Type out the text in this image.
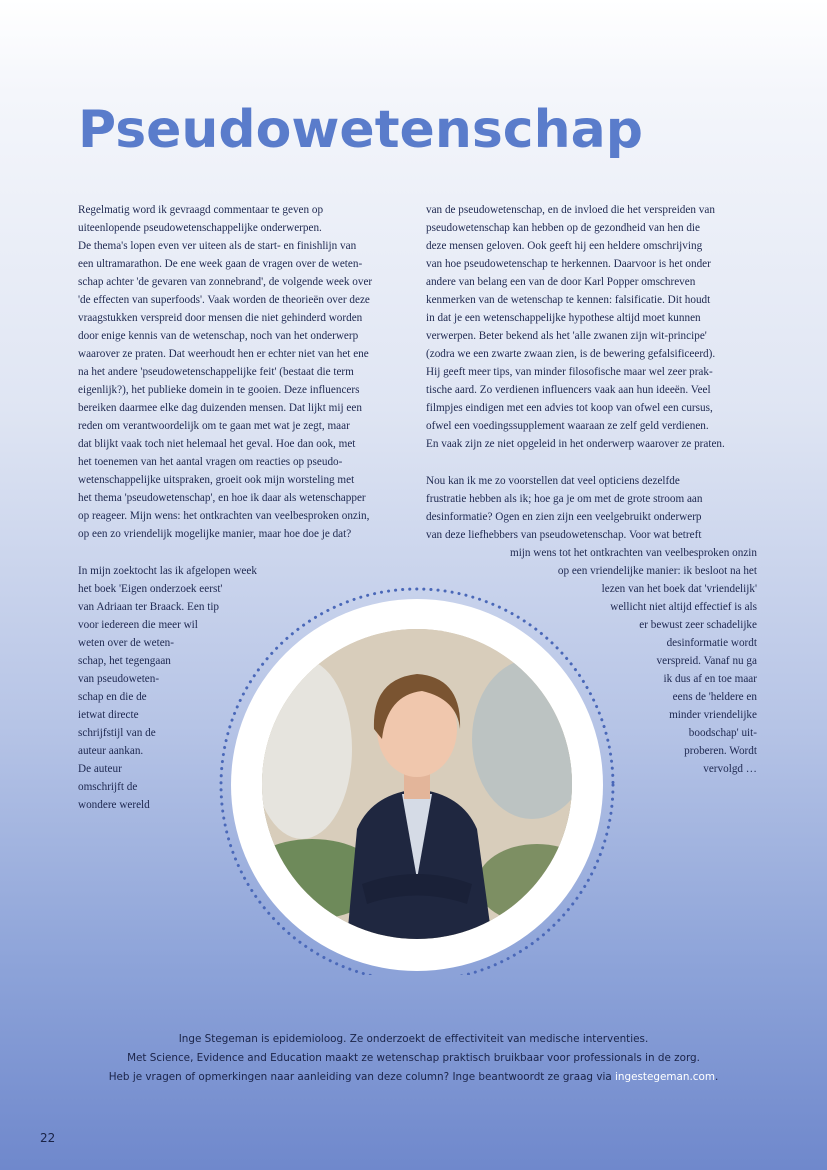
Pseudowetenschap

Regelmatig word ik gevraagd commentaar te geven op
uiteenlopende pseudowetenschappelijke onderwerpen.
De thema's lopen even ver uiteen als de start- en finishlijn van
een ultramarathon. De ene week gaan de vragen over de weten-
schap achter 'de gevaren van zonnebrand', de volgende week over
'de effecten van superfoods'. Vaak worden de theorieën over deze
vraagstukken verspreid door mensen die niet gehinderd worden
door enige kennis van de wetenschap, noch van het onderwerp
waarover ze praten. Dat weerhoudt hen er echter niet van het ene
na het andere 'pseudowetenschappelijke feit' (bestaat die term
eigenlijk?), het publieke domein in te gooien. Deze influencers
bereiken daarmee elke dag duizenden mensen. Dat lijkt mij een
reden om verantwoordelijk om te gaan met wat je zegt, maar
dat blijkt vaak toch niet helemaal het geval. Hoe dan ook, met
het toenemen van het aantal vragen om reacties op pseudo-
wetenschappelijke uitspraken, groeit ook mijn worsteling met
het thema 'pseudowetenschap', en hoe ik daar als wetenschapper
op reageer. Mijn wens: het ontkrachten van veelbesproken onzin,
op een zo vriendelijk mogelijke manier, maar hoe doe je dat?

In mijn zoektocht las ik afgelopen week
het boek 'Eigen onderzoek eerst'
van Adriaan ter Braack. Een tip
voor iedereen die meer wil
weten over de weten-
schap, het tegengaan
van pseudoweten-
schap en die de
ietwat directe
schrijfstijl van de
auteur aankan.
De auteur
omschrijft de
wondere wereld

van de pseudowetenschap, en de invloed die het verspreiden van
pseudowetenschap kan hebben op de gezondheid van hen die
deze mensen geloven. Ook geeft hij een heldere omschrijving
van hoe pseudowetenschap te herkennen. Daarvoor is het onder
andere van belang een van de door Karl Popper omschreven
kenmerken van de wetenschap te kennen: falsificatie. Dit houdt
in dat je een wetenschappelijke hypothese altijd moet kunnen
verwerpen. Beter bekend als het 'alle zwanen zijn wit-principe'
(zodra we een zwarte zwaan zien, is de bewering gefalsificeerd).
Hij geeft meer tips, van minder filosofische maar wel zeer prak-
tische aard. Zo verdienen influencers vaak aan hun ideeën. Veel
filmpjes eindigen met een advies tot koop van ofwel een cursus,
ofwel een voedingssupplement waaraan ze zelf geld verdienen.
En vaak zijn ze niet opgeleid in het onderwerp waarover ze praten.

Nou kan ik me zo voorstellen dat veel opticiens dezelfde
frustratie hebben als ik; hoe ga je om met de grote stroom aan
desinformatie? Ogen en zien zijn een veelgebruikt onderwerp
van deze liefhebbers van pseudowetenschap. Voor wat betreft

mijn wens tot het ontkrachten van veelbesproken onzin
op een vriendelijke manier: ik besloot na het
lezen van het boek dat 'vriendelijk'
wellicht niet altijd effectief is als
er bewust zeer schadelijke
desinformatie wordt
verspreid. Vanaf nu ga
ik dus af en toe maar
eens de 'heldere en
minder vriendelijke
boodschap' uit-
proberen. Wordt
vervolgd …
Inge Stegeman is epidemioloog. Ze onderzoekt de effectiviteit van medische interventies.
Met Science, Evidence and Education maakt ze wetenschap praktisch bruikbaar voor professionals in de zorg.
Heb je vragen of opmerkingen naar aanleiding van deze column? Inge beantwoordt ze graag via ingestegeman.com.
22
